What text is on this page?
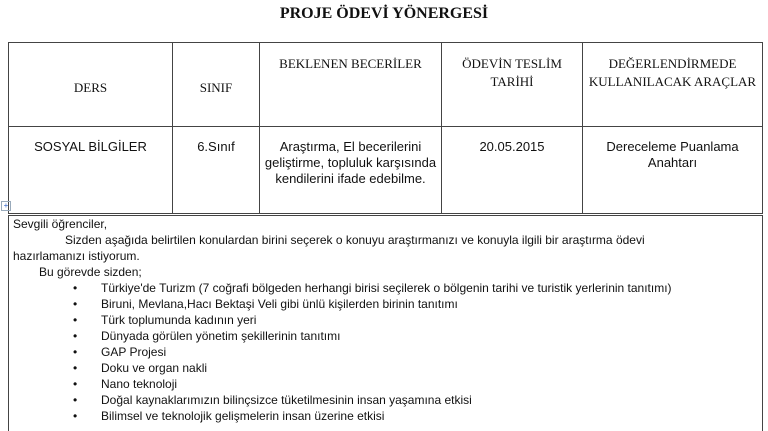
PROJE ÖDEVİ YÖNERGESİ
DERS	SINIF	BEKLENEN BECERİLER	ÖDEVİN TESLİM TARİHİ	DEĞERLENDİRMEDE KULLANILACAK ARAÇLAR
SOSYAL BİLGİLER	6.Sınıf	Araştırma, El becerilerini geliştirme, topluluk karşısında kendilerini ifade edebilme.	20.05.2015	Dereceleme Puanlama Anahtarı
+

Sevgili öğrenciler,

Sizden aşağıda belirtilen konulardan birini seçerek o konuyu araştırmanızı ve konuyla ilgili bir araştırma ödevi

hazırlamanızı istiyorum.

Bu görevde sizden;

• Türkiye'de Turizm (7 coğrafi bölgeden herhangi birisi seçilerek o bölgenin tarihi ve turistik yerlerinin tanıtımı)
• Biruni, Mevlana,Hacı Bektaşi Veli gibi ünlü kişilerden birinin tanıtımı
• Türk toplumunda kadının yeri
• Dünyada görülen yönetim şekillerinin tanıtımı
• GAP Projesi
• Doku ve organ nakli
• Nano teknoloji
• Doğal kaynaklarımızın bilinçsizce tüketilmesinin insan yaşamına etkisi
• Bilimsel ve teknolojik gelişmelerin insan üzerine etkisi
